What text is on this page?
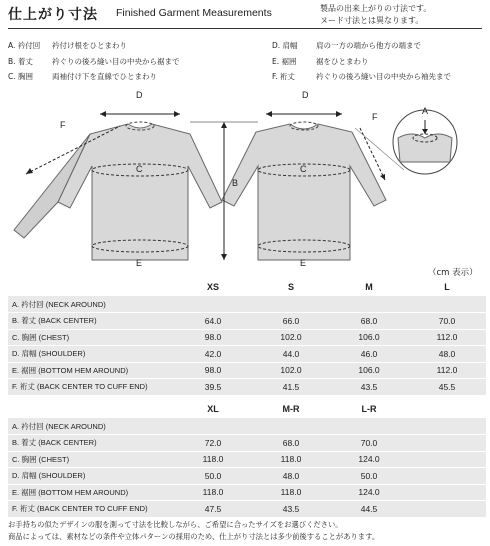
仕上がり寸法 Finished Garment Measurements	製品の出来上がりの寸法です。
ヌード寸法とは異なります。
A. 衿付回 衿付け根をひとまわり
B. 着丈	衿ぐりの後ろ縫い目の中央から裾まで
C. 胸囲	両袖付け下を直線でひとまわり
D. 肩幅 肩の一方の端から他方の端まで
E. 裾囲	裾をひとまわり
F. 裄丈	衿ぐりの後ろ縫い目の中央から袖先まで
D	D
F
F
C	C
B
E	E
A
（cm 表示）
	XS	S	M	L
A. 衿付回 (NECK AROUND)				
B. 着丈 (BACK CENTER)	64.0	66.0	68.0	70.0
C. 胸囲 (CHEST)	98.0	102.0	106.0	112.0
D. 肩幅 (SHOULDER)	42.0	44.0	46.0	48.0
E. 裾囲 (BOTTOM HEM AROUND)	98.0	102.0	106.0	112.0
F. 裄丈 (BACK CENTER TO CUFF END)	39.5	41.5	43.5	45.5
	XL	M-R	L-R	
A. 衿付回 (NECK AROUND)				
B. 着丈 (BACK CENTER)	72.0	68.0	70.0	
C. 胸囲 (CHEST)	118.0	118.0	124.0	
D. 肩幅 (SHOULDER)	50.0	48.0	50.0	
E. 裾囲 (BOTTOM HEM AROUND)	118.0	118.0	124.0	
F. 裄丈 (BACK CENTER TO CUFF END)	47.5	43.5	44.5	
お手持ちの似たデザインの服を測って寸法を比較しながら、ご希望に合ったサイズをお選びください。
商品によっては、素材などの条件や立体パターンの採用のため、仕上がり寸法とは多少前後することがあります。
